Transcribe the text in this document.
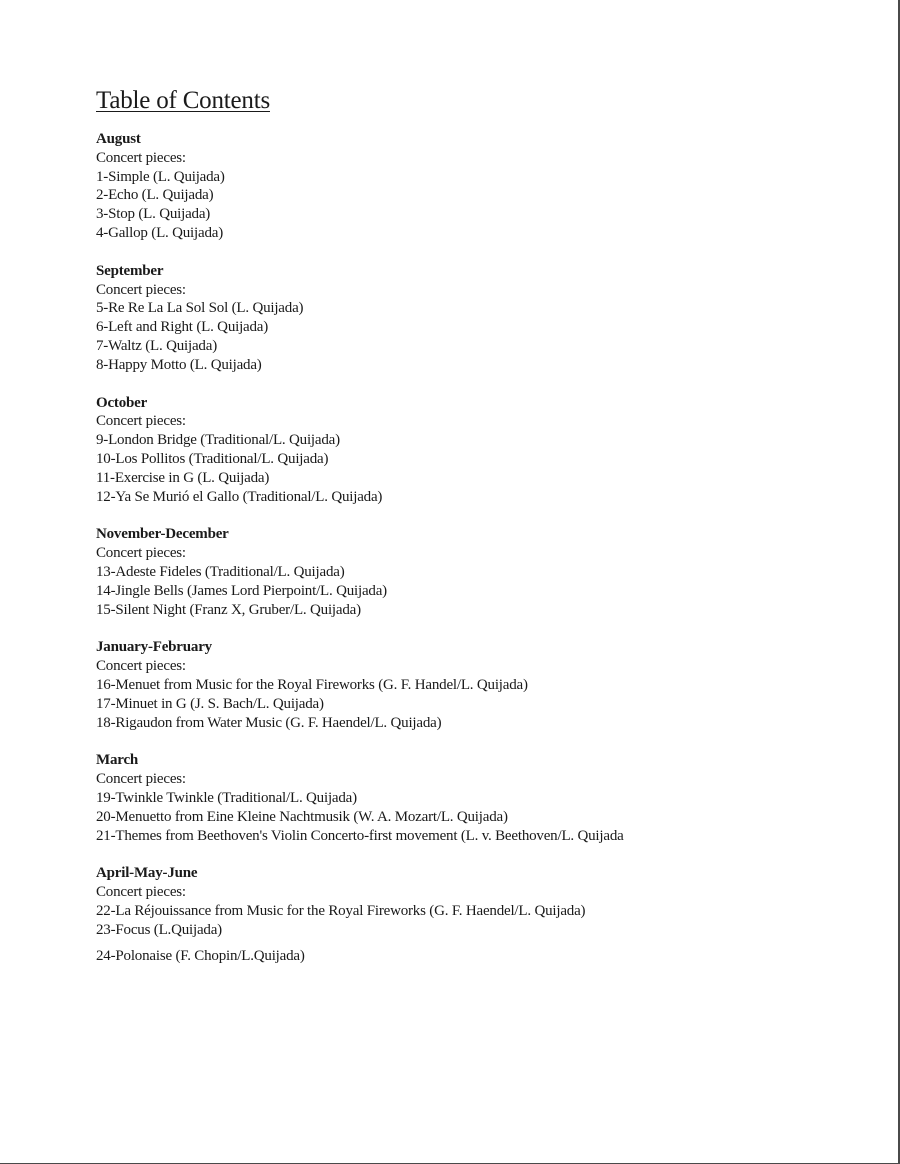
Table of Contents
August
Concert pieces:
1-Simple (L. Quijada)
2-Echo (L. Quijada)
3-Stop (L. Quijada)
4-Gallop (L. Quijada)
September
Concert pieces:
5-Re Re La La Sol Sol (L. Quijada)
6-Left and Right (L. Quijada)
7-Waltz (L. Quijada)
8-Happy Motto (L. Quijada)
October
Concert pieces:
9-London Bridge (Traditional/L. Quijada)
10-Los Pollitos (Traditional/L. Quijada)
11-Exercise in G (L. Quijada)
12-Ya Se Murió el Gallo (Traditional/L. Quijada)
November-December
Concert pieces:
13-Adeste Fideles (Traditional/L. Quijada)
14-Jingle Bells (James Lord Pierpoint/L. Quijada)
15-Silent Night (Franz X, Gruber/L. Quijada)
January-February
Concert pieces:
16-Menuet from Music for the Royal Fireworks (G. F. Handel/L. Quijada)
17-Minuet in G (J. S. Bach/L. Quijada)
18-Rigaudon from Water Music (G. F. Haendel/L. Quijada)
March
Concert pieces:
19-Twinkle Twinkle (Traditional/L. Quijada)
20-Menuetto from Eine Kleine Nachtmusik (W. A. Mozart/L. Quijada)
21-Themes from Beethoven's Violin Concerto-first movement (L. v. Beethoven/L. Quijada
April-May-June
Concert pieces:
22-La Réjouissance from Music for the Royal Fireworks (G. F. Haendel/L. Quijada)
23-Focus (L.Quijada)
24-Polonaise (F. Chopin/L.Quijada)
